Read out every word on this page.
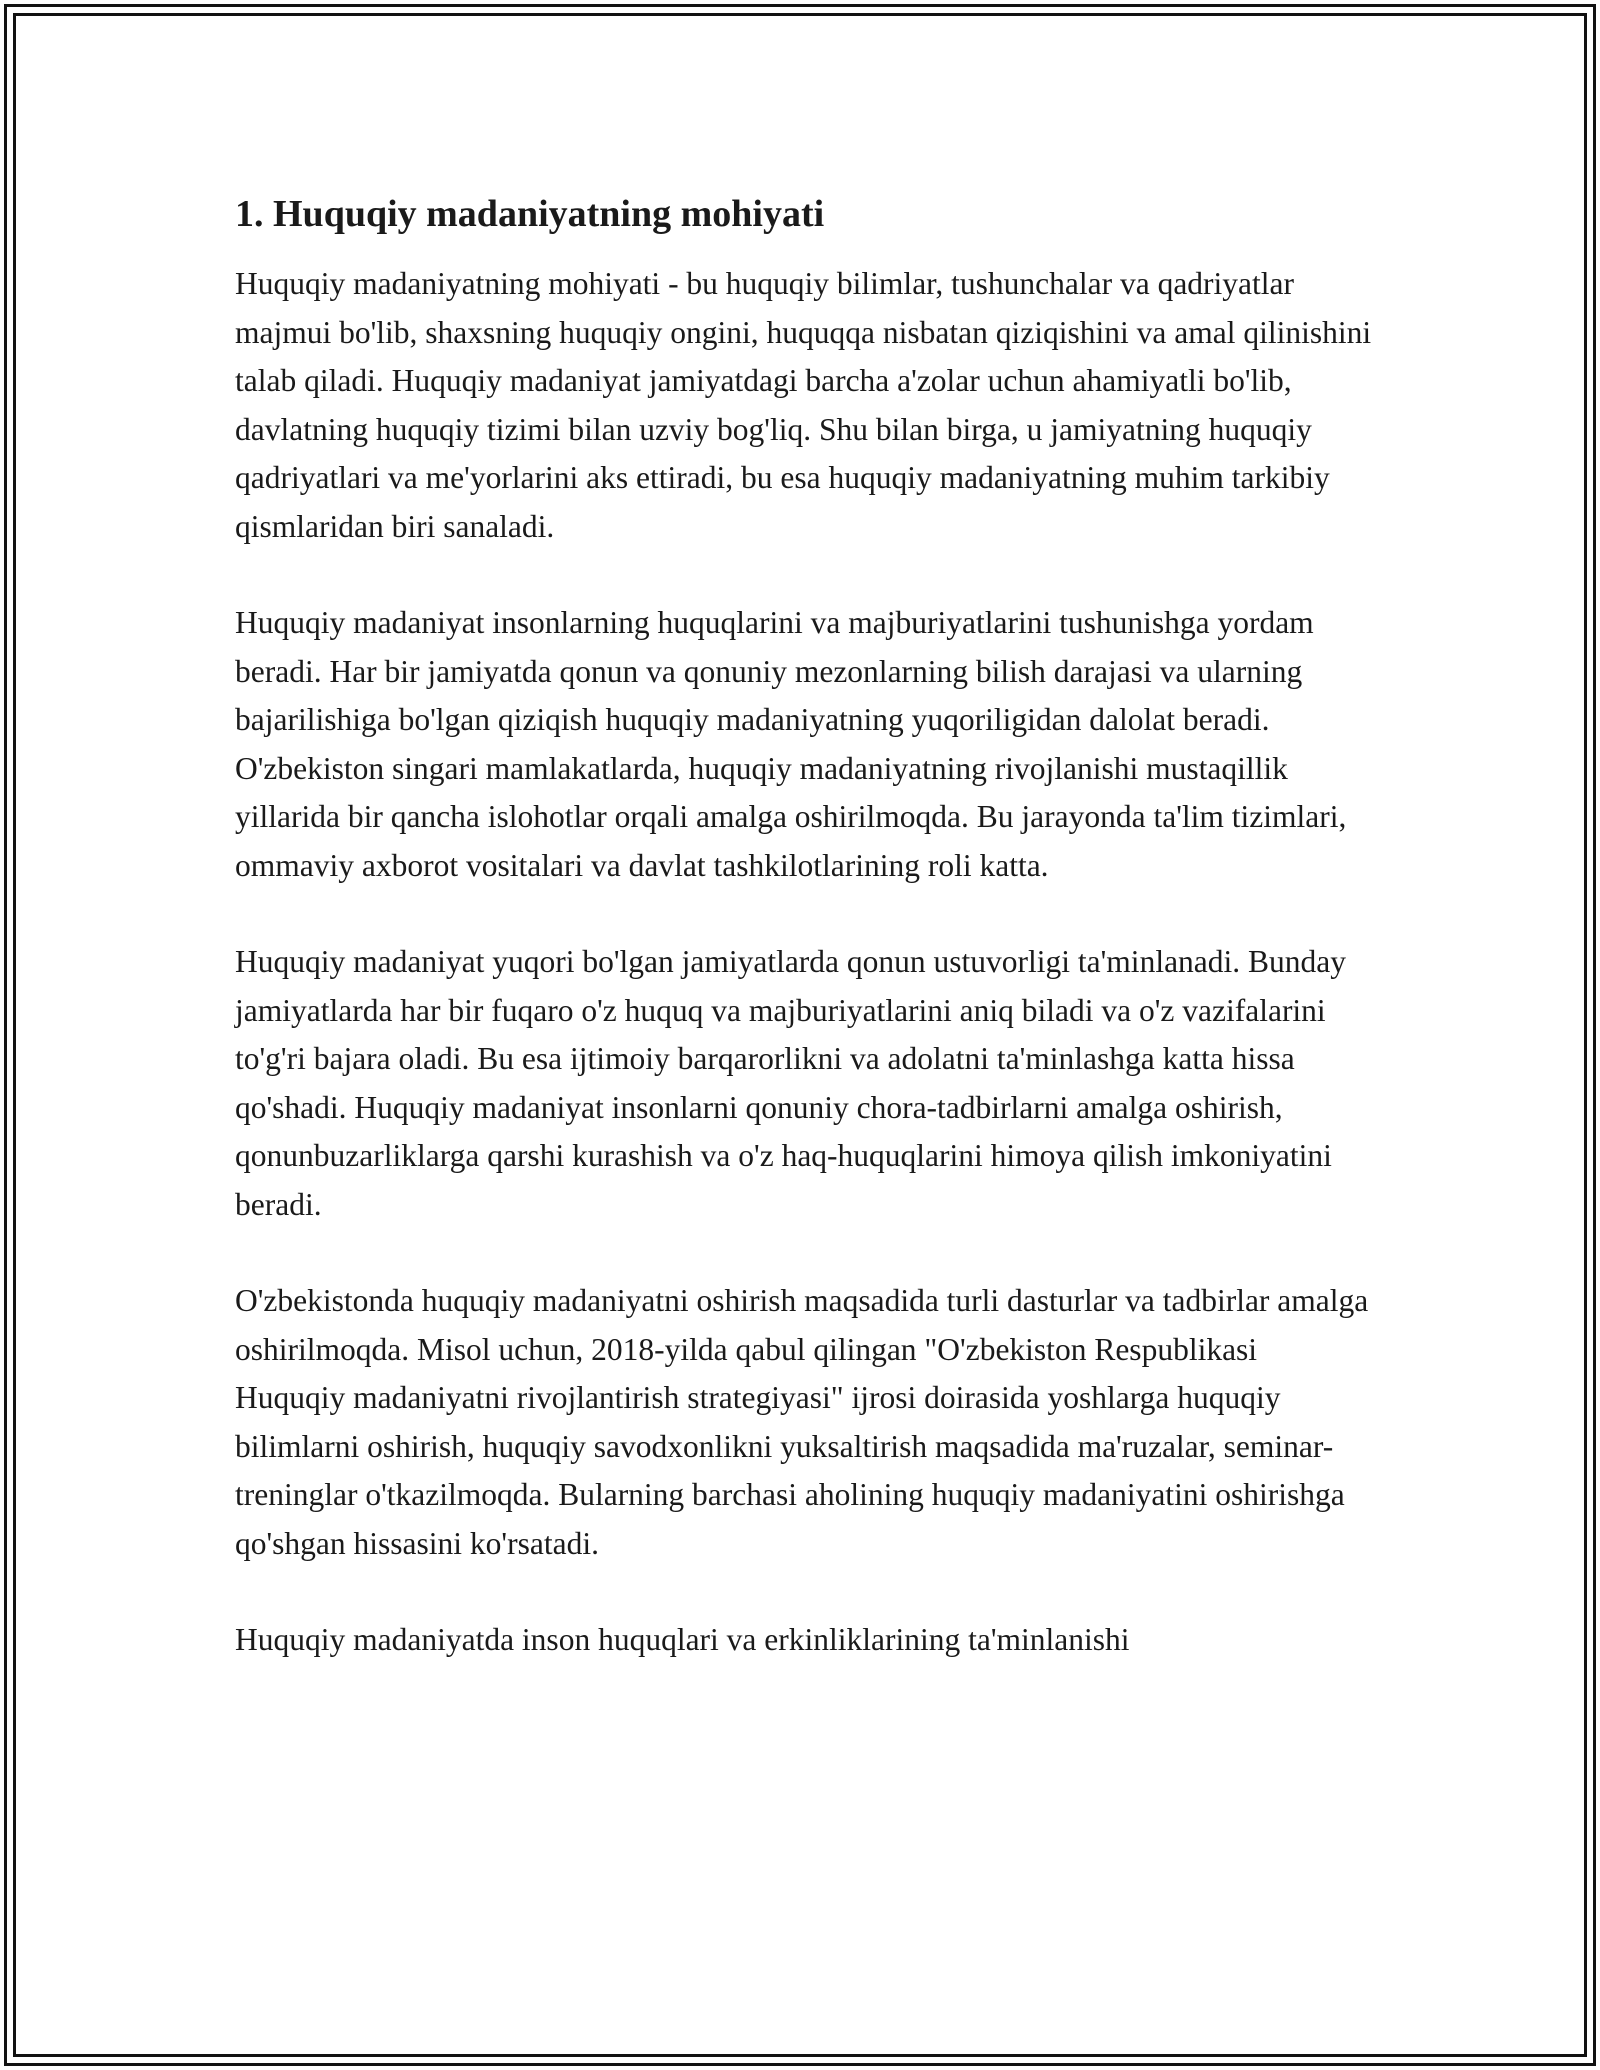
1. Huquqiy madaniyatning mohiyati

Huquqiy madaniyatning mohiyati - bu huquqiy bilimlar, tushunchalar va qadriyatlar majmui bo'lib, shaxsning huquqiy ongini, huquqqa nisbatan qiziqishini va amal qilinishini talab qiladi. Huquqiy madaniyat jamiyatdagi barcha a'zolar uchun ahamiyatli bo'lib, davlatning huquqiy tizimi bilan uzviy bog'liq. Shu bilan birga, u jamiyatning huquqiy qadriyatlari va me'yorlarini aks ettiradi, bu esa huquqiy madaniyatning muhim tarkibiy qismlaridan biri sanaladi.

Huquqiy madaniyat insonlarning huquqlarini va majburiyatlarini tushunishga yordam beradi. Har bir jamiyatda qonun va qonuniy mezonlarning bilish darajasi va ularning bajarilishiga bo'lgan qiziqish huquqiy madaniyatning yuqoriligidan dalolat beradi. O'zbekiston singari mamlakatlarda, huquqiy madaniyatning rivojlanishi mustaqillik yillarida bir qancha islohotlar orqali amalga oshirilmoqda. Bu jarayonda ta'lim tizimlari, ommaviy axborot vositalari va davlat tashkilotlarining roli katta.

Huquqiy madaniyat yuqori bo'lgan jamiyatlarda qonun ustuvorligi ta'minlanadi. Bunday jamiyatlarda har bir fuqaro o'z huquq va majburiyatlarini aniq biladi va o'z vazifalarini to'g'ri bajara oladi. Bu esa ijtimoiy barqarorlikni va adolatni ta'minlashga katta hissa qo'shadi. Huquqiy madaniyat insonlarni qonuniy chora-tadbirlarni amalga oshirish, qonunbuzarliklarga qarshi kurashish va o'z haq-huquqlarini himoya qilish imkoniyatini beradi.

O'zbekistonda huquqiy madaniyatni oshirish maqsadida turli dasturlar va tadbirlar amalga oshirilmoqda. Misol uchun, 2018-yilda qabul qilingan "O'zbekiston Respublikasi Huquqiy madaniyatni rivojlantirish strategiyasi" ijrosi doirasida yoshlarga huquqiy bilimlarni oshirish, huquqiy savodxonlikni yuksaltirish maqsadida ma'ruzalar, seminar-treninglar o'tkazilmoqda. Bularning barchasi aholining huquqiy madaniyatini oshirishga qo'shgan hissasini ko'rsatadi.

Huquqiy madaniyatda inson huquqlari va erkinliklarining ta'minlanishi
